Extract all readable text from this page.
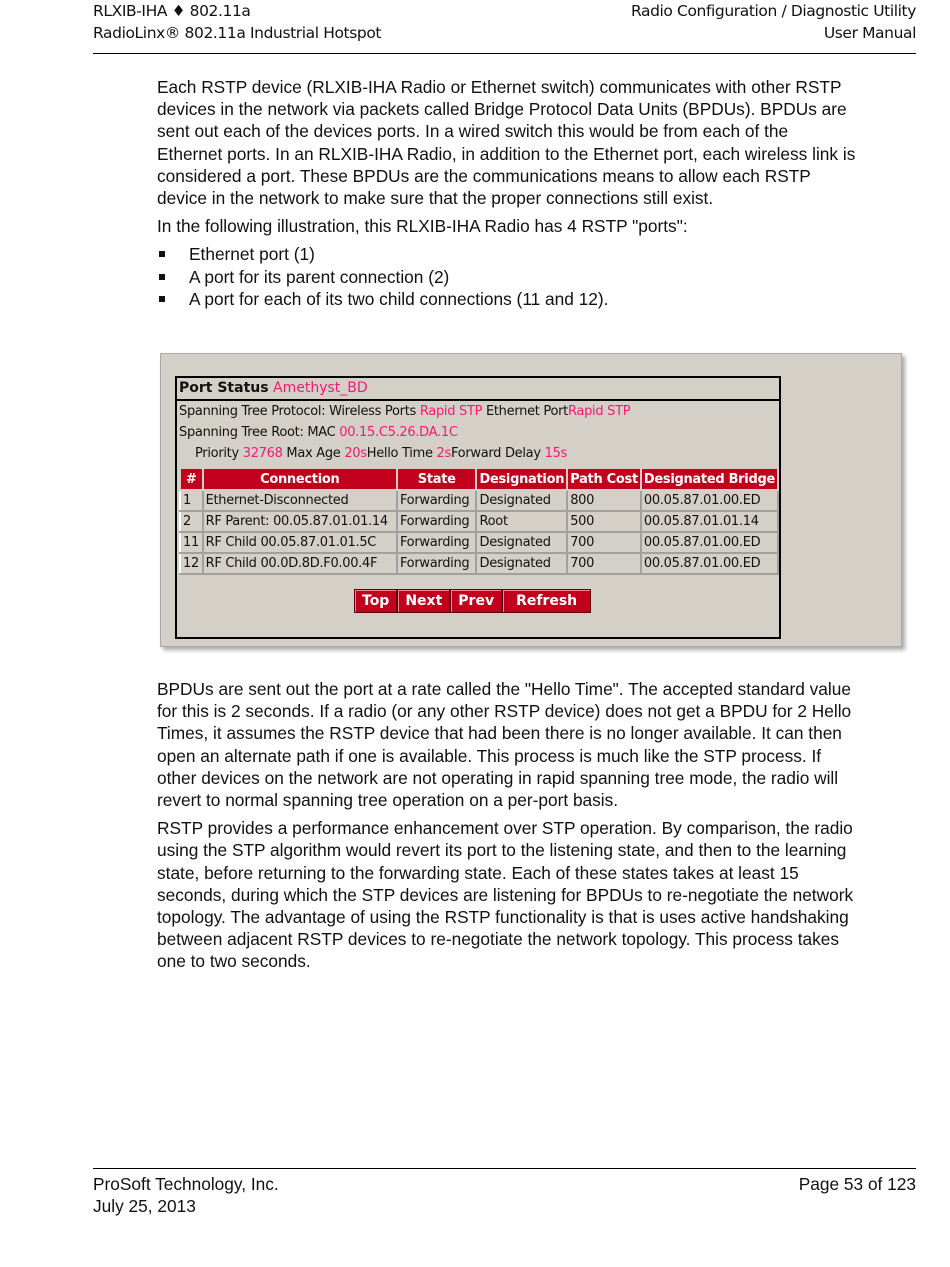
RLXIB-IHA ♦ 802.11a
RadioLinx® 802.11a Industrial Hotspot
Radio Configuration / Diagnostic Utility
User Manual

Each RSTP device (RLXIB-IHA Radio or Ethernet switch) communicates with other RSTP devices in the network via packets called Bridge Protocol Data Units (BPDUs). BPDUs are sent out each of the devices ports. In a wired switch this would be from each of the Ethernet ports. In an RLXIB-IHA Radio, in addition to the Ethernet port, each wireless link is considered a port. These BPDUs are the communications means to allow each RSTP device in the network to make sure that the proper connections still exist.

In the following illustration, this RLXIB-IHA Radio has 4 RSTP "ports":

Ethernet port (1)
A port for its parent connection (2)
A port for each of its two child connections (11 and 12).
Port Status Amethyst_BD
Spanning Tree Protocol: Wireless Ports Rapid STP Ethernet PortRapid STP
Spanning Tree Root: MAC 00.15.C5.26.DA.1C
Priority 32768 Max Age 20sHello Time 2sForward Delay 15s
#	Connection	State	Designation	Path Cost	Designated Bridge
1	Ethernet-Disconnected	Forwarding	Designated	800	00.05.87.01.00.ED
2	RF Parent: 00.05.87.01.01.14	Forwarding	Root	500	00.05.87.01.01.14
11	RF Child 00.05.87.01.01.5C	Forwarding	Designated	700	00.05.87.01.00.ED
12	RF Child 00.0D.8D.F0.00.4F	Forwarding	Designated	700	00.05.87.01.00.ED
Top	Next	Prev	Refresh

BPDUs are sent out the port at a rate called the "Hello Time". The accepted standard value for this is 2 seconds. If a radio (or any other RSTP device) does not get a BPDU for 2 Hello Times, it assumes the RSTP device that had been there is no longer available. It can then open an alternate path if one is available. This process is much like the STP process. If other devices on the network are not operating in rapid spanning tree mode, the radio will revert to normal spanning tree operation on a per-port basis.

RSTP provides a performance enhancement over STP operation. By comparison, the radio using the STP algorithm would revert its port to the listening state, and then to the learning state, before returning to the forwarding state. Each of these states takes at least 15 seconds, during which the STP devices are listening for BPDUs to re-negotiate the network topology. The advantage of using the RSTP functionality is that is uses active handshaking between adjacent RSTP devices to re-negotiate the network topology. This process takes one to two seconds.

ProSoft Technology, Inc.
July 25, 2013
Page 53 of 123
